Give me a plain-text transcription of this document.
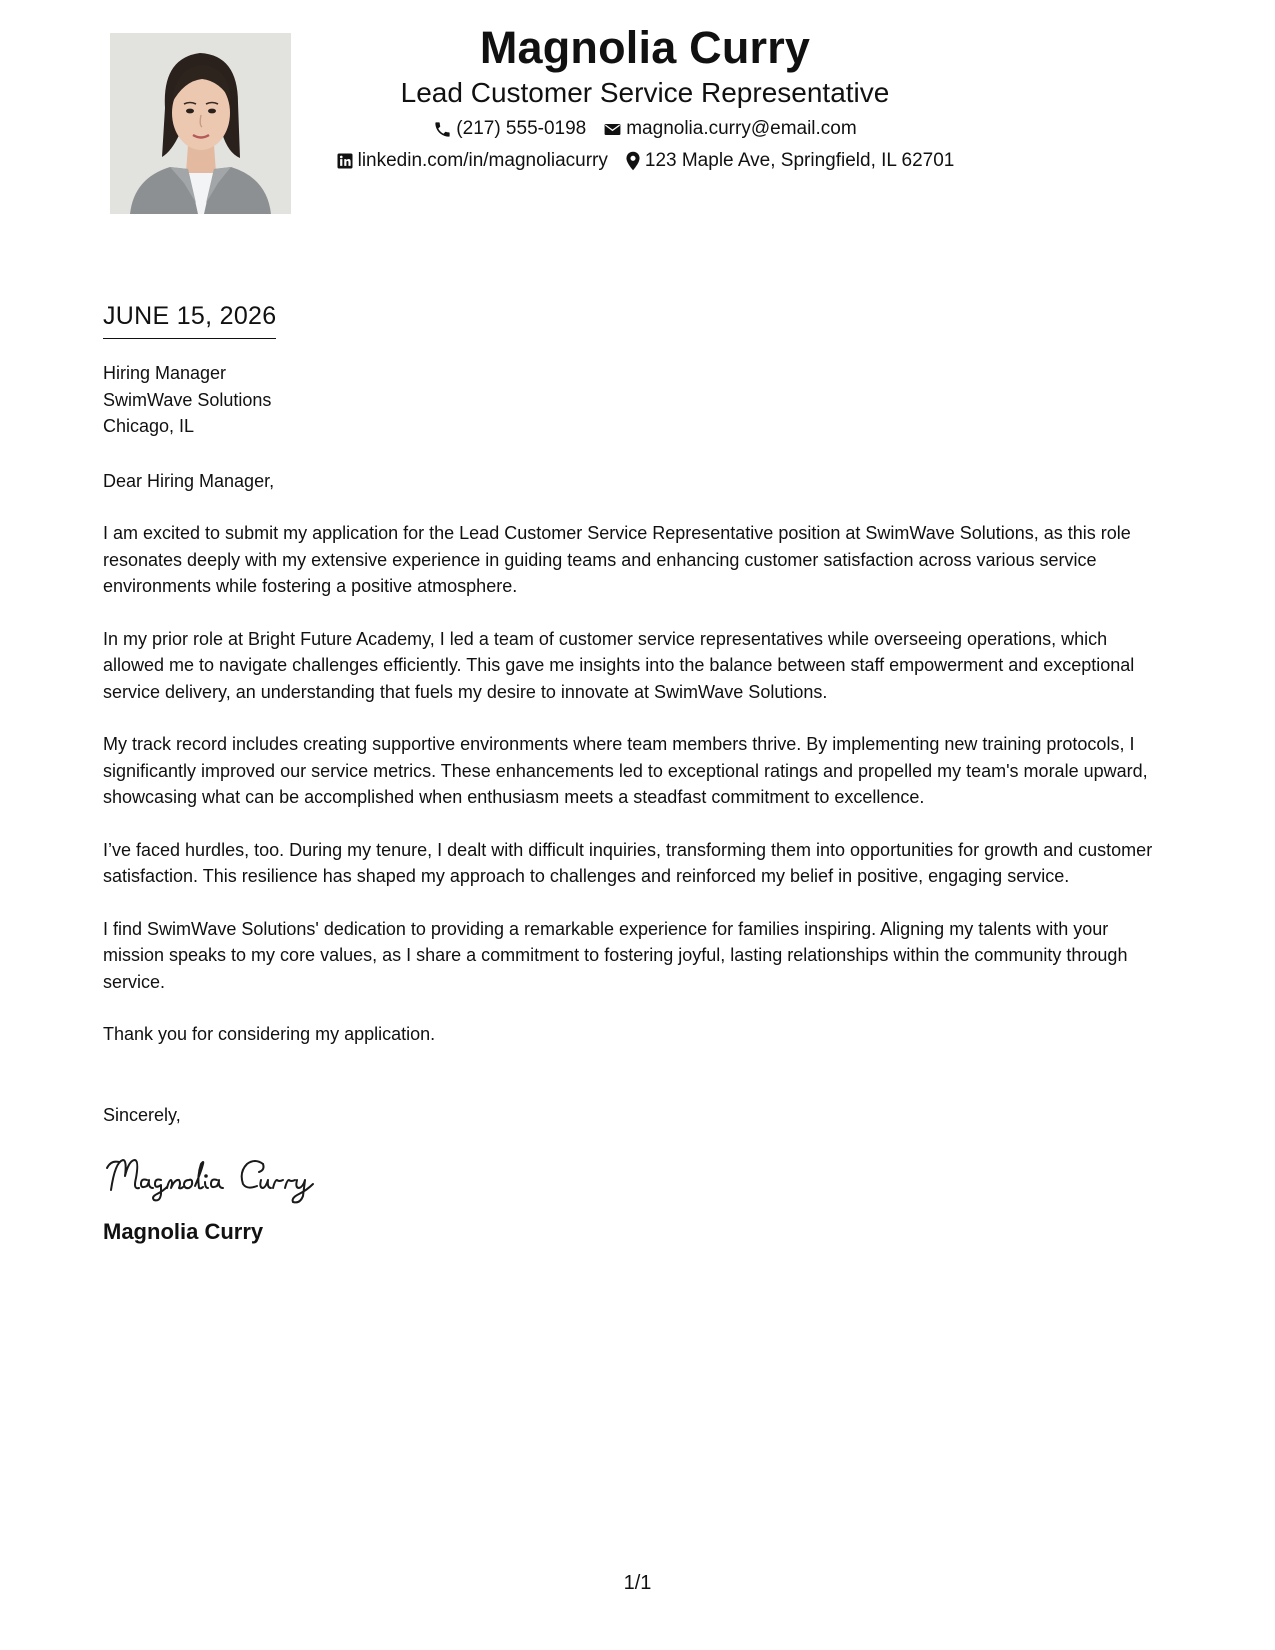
Magnolia Curry
Lead Customer Service Representative
(217) 555-0198 magnolia.curry@email.com
linkedin.com/in/magnoliacurry 123 Maple Ave, Springfield, IL 62701
JUNE 15, 2026
Hiring Manager
SwimWave Solutions
Chicago, IL
Dear Hiring Manager,
I am excited to submit my application for the Lead Customer Service Representative position at SwimWave Solutions, as this role resonates deeply with my extensive experience in guiding teams and enhancing customer satisfaction across various service environments while fostering a positive atmosphere.
In my prior role at Bright Future Academy, I led a team of customer service representatives while overseeing operations, which allowed me to navigate challenges efficiently. This gave me insights into the balance between staff empowerment and exceptional service delivery, an understanding that fuels my desire to innovate at SwimWave Solutions.
My track record includes creating supportive environments where team members thrive. By implementing new training protocols, I significantly improved our service metrics. These enhancements led to exceptional ratings and propelled my team's morale upward, showcasing what can be accomplished when enthusiasm meets a steadfast commitment to excellence.
I’ve faced hurdles, too. During my tenure, I dealt with difficult inquiries, transforming them into opportunities for growth and customer satisfaction. This resilience has shaped my approach to challenges and reinforced my belief in positive, engaging service.
I find SwimWave Solutions' dedication to providing a remarkable experience for families inspiring. Aligning my talents with your mission speaks to my core values, as I share a commitment to fostering joyful, lasting relationships within the community through service.
Thank you for considering my application.
Sincerely,
Magnolia Curry
1/1
